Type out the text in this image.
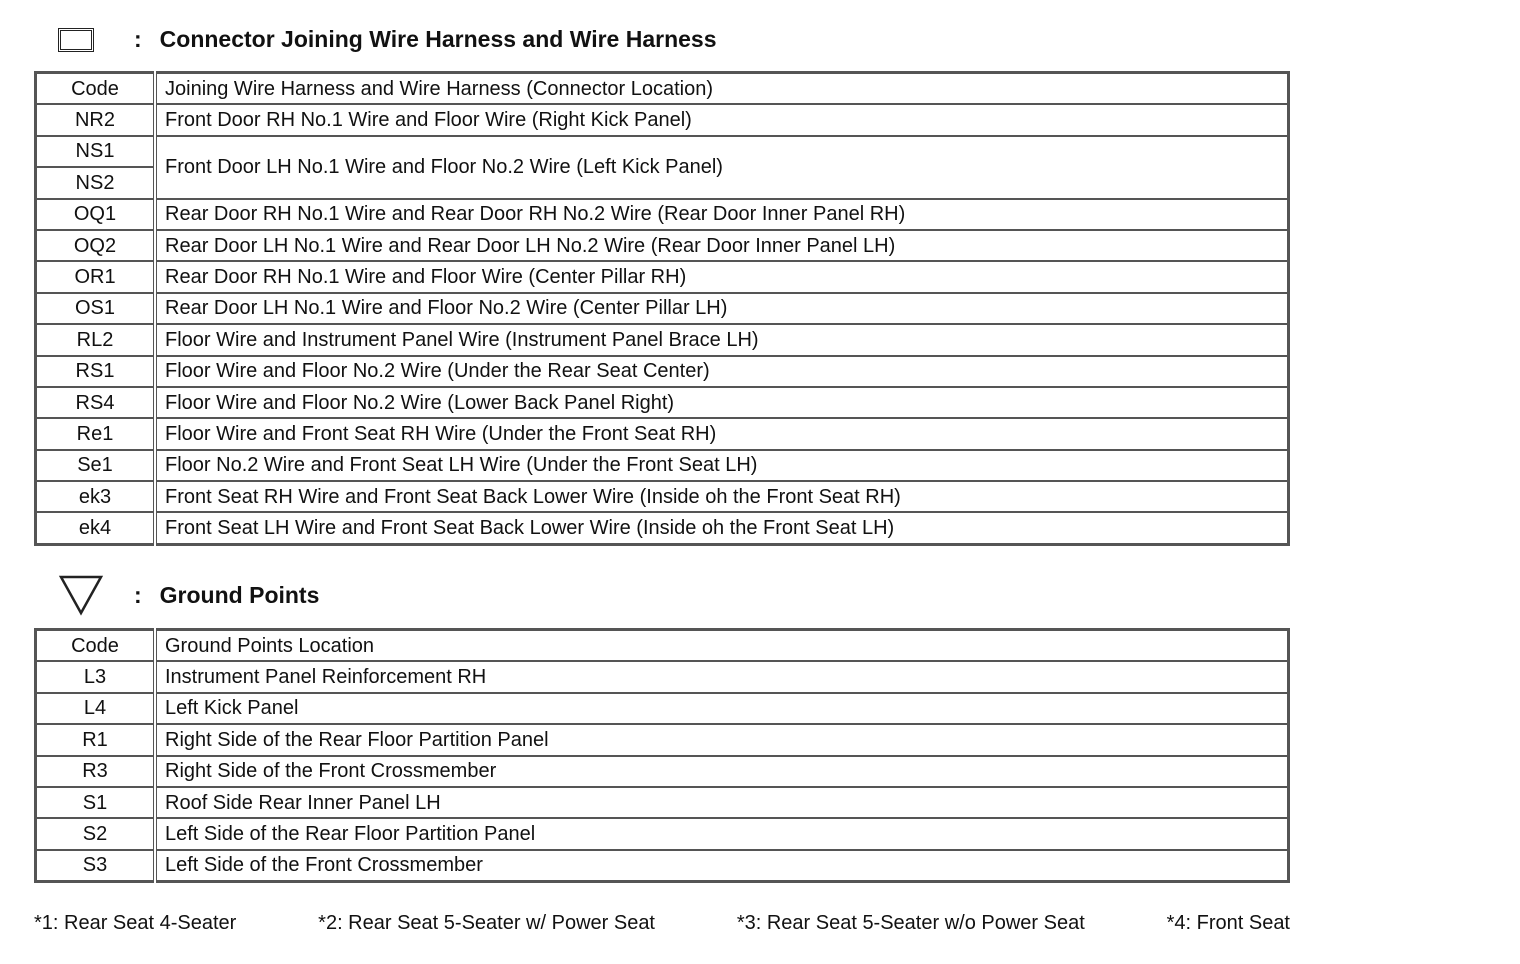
: Connector Joining Wire Harness and Wire Harness
Code	Joining Wire Harness and Wire Harness (Connector Location)
NR2	Front Door RH No.1 Wire and Floor Wire (Right Kick Panel)
NS1	Front Door LH No.1 Wire and Floor No.2 Wire (Left Kick Panel)
NS2	
OQ1	Rear Door RH No.1 Wire and Rear Door RH No.2 Wire (Rear Door Inner Panel RH)
OQ2	Rear Door LH No.1 Wire and Rear Door LH No.2 Wire (Rear Door Inner Panel LH)
OR1	Rear Door RH No.1 Wire and Floor Wire (Center Pillar RH)
OS1	Rear Door LH No.1 Wire and Floor No.2 Wire (Center Pillar LH)
RL2	Floor Wire and Instrument Panel Wire (Instrument Panel Brace LH)
RS1	Floor Wire and Floor No.2 Wire (Under the Rear Seat Center)
RS4	Floor Wire and Floor No.2 Wire (Lower Back Panel Right)
Re1	Floor Wire and Front Seat RH Wire (Under the Front Seat RH)
Se1	Floor No.2 Wire and Front Seat LH Wire (Under the Front Seat LH)
ek3	Front Seat RH Wire and Front Seat Back Lower Wire (Inside oh the Front Seat RH)
ek4	Front Seat LH Wire and Front Seat Back Lower Wire (Inside oh the Front Seat LH)
: Ground Points
Code	Ground Points Location
L3	Instrument Panel Reinforcement RH
L4	Left Kick Panel
R1	Right Side of the Rear Floor Partition Panel
R3	Right Side of the Front Crossmember
S1	Roof Side Rear Inner Panel LH
S2	Left Side of the Rear Floor Partition Panel
S3	Left Side of the Front Crossmember
*1: Rear Seat 4-Seater	*2: Rear Seat 5-Seater w/ Power Seat	*3: Rear Seat 5-Seater w/o Power Seat	*4: Front Seat
